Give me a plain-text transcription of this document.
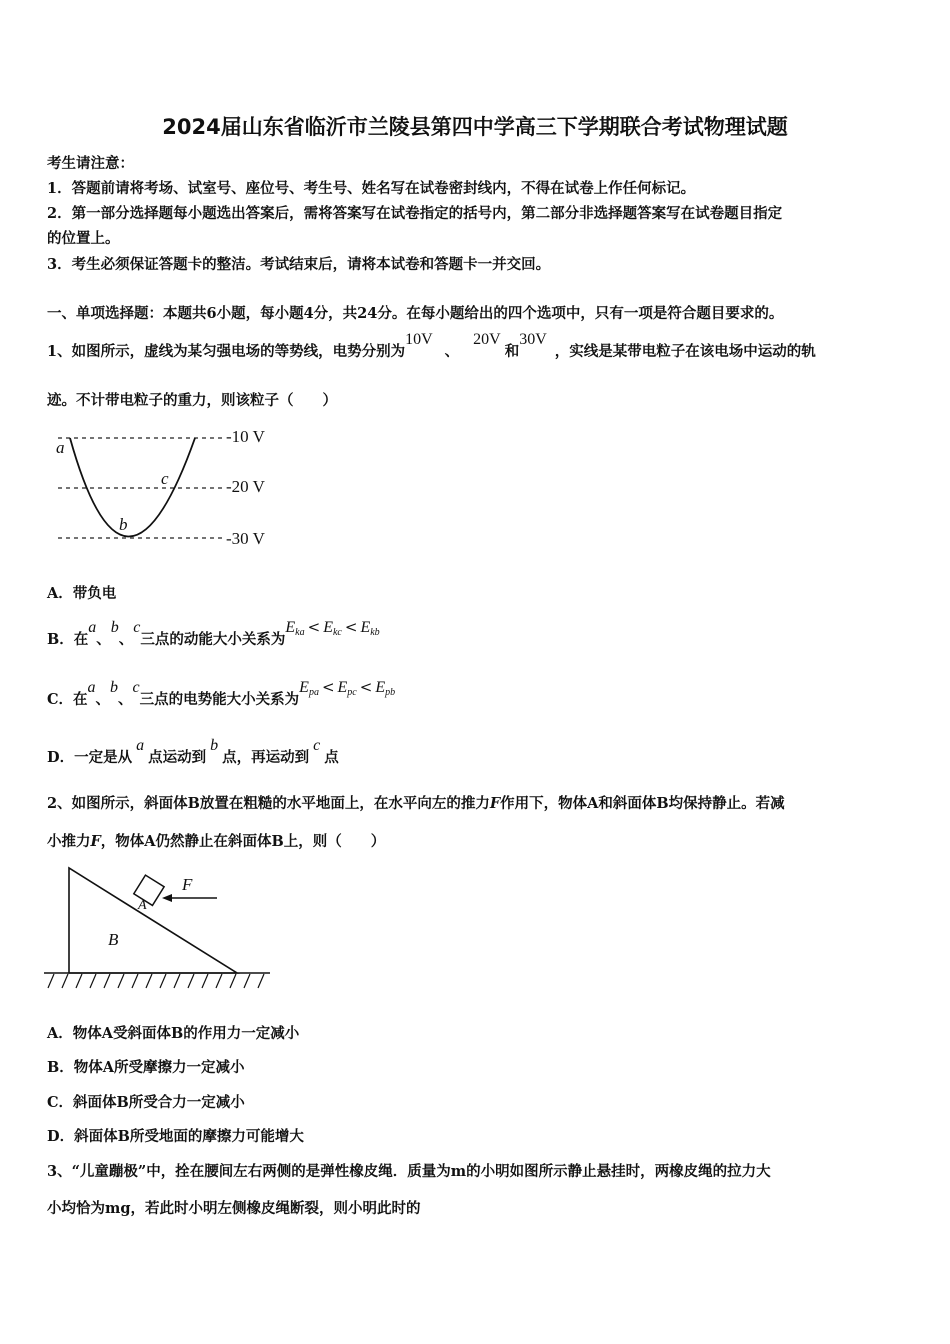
2024届山东省临沂市兰陵县第四中学高三下学期联合考试物理试题
考生请注意：
1．答题前请将考场、试室号、座位号、考生号、姓名写在试卷密封线内，不得在试卷上作任何标记。
2．第一部分选择题每小题选出答案后，需将答案写在试卷指定的括号内，第二部分非选择题答案写在试卷题目指定
的位置上。
3．考生必须保证答题卡的整洁。考试结束后，请将本试卷和答题卡一并交回。
一、单项选择题：本题共6小题，每小题4分，共24分。在每小题给出的四个选项中，只有一项是符合题目要求的。
1、如图所示，虚线为某匀强电场的等势线，电势分别为10V、20V和30V，实线是某带电粒子在该电场中运动的轨
迹。不计带电粒子的重力，则该粒子（　　）
-10 V
-20 V
-30 V
a
b
c
A．带负电
B．在a、b、c三点的动能大小关系为$E_{ka} < E_{kc} < E_{kb}$
C．在a、b、c三点的电势能大小关系为$E_{pa} < E_{pc} < E_{pb}$
D．一定是从a点运动到b点，再运动到c点
2、如图所示，斜面体B放置在粗糙的水平地面上，在水平向左的推力F作用下，物体A和斜面体B均保持静止。若减
小推力F，物体A仍然静止在斜面体B上，则（　　）
F
A
B
A．物体A受斜面体B的作用力一定减小
B．物体A所受摩擦力一定减小
C．斜面体B所受合力一定减小
D．斜面体B所受地面的摩擦力可能增大
3、“儿童蹦极”中，拴在腰间左右两侧的是弹性橡皮绳．质量为m的小明如图所示静止悬挂时，两橡皮绳的拉力大
小均恰为mg，若此时小明左侧橡皮绳断裂，则小明此时的
